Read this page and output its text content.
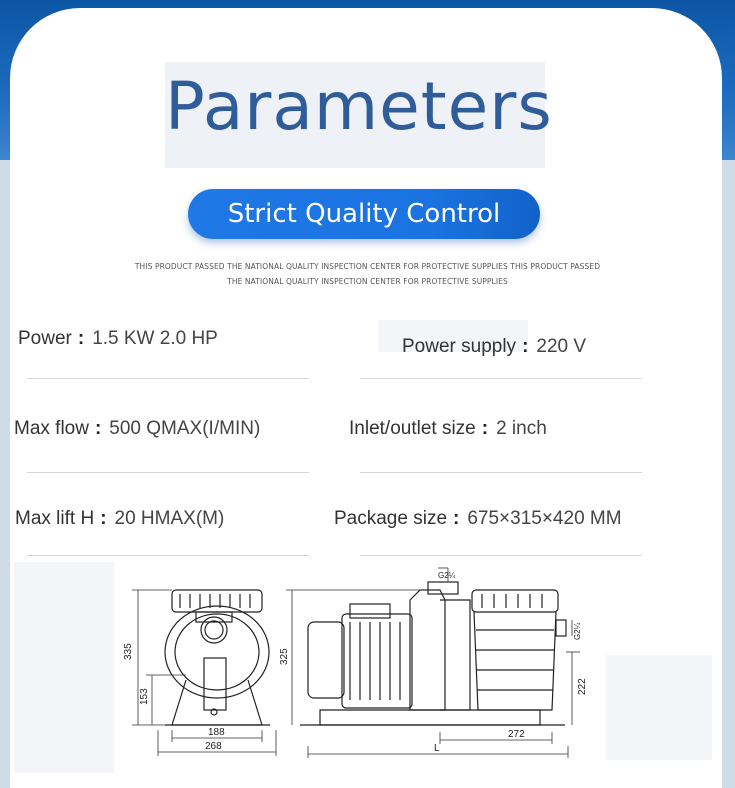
Parameters
Strict Quality Control
THIS PRODUCT PASSED THE NATIONAL QUALITY INSPECTION CENTER FOR PROTECTIVE SUPPLIES THIS PRODUCT PASSED
THE NATIONAL QUALITY INSPECTION CENTER FOR PROTECTIVE SUPPLIES
Power : 1.5 KW 2.0 HP	Power supply : 220 V
Max flow : 500 QMAX(I/MIN)	Inlet/outlet size : 2 inch
Max lift H : 20 HMAX(M)	Package size : 675×315×420 MM
335
153
188
268
325
272
222
L
G2¼
G2¼
